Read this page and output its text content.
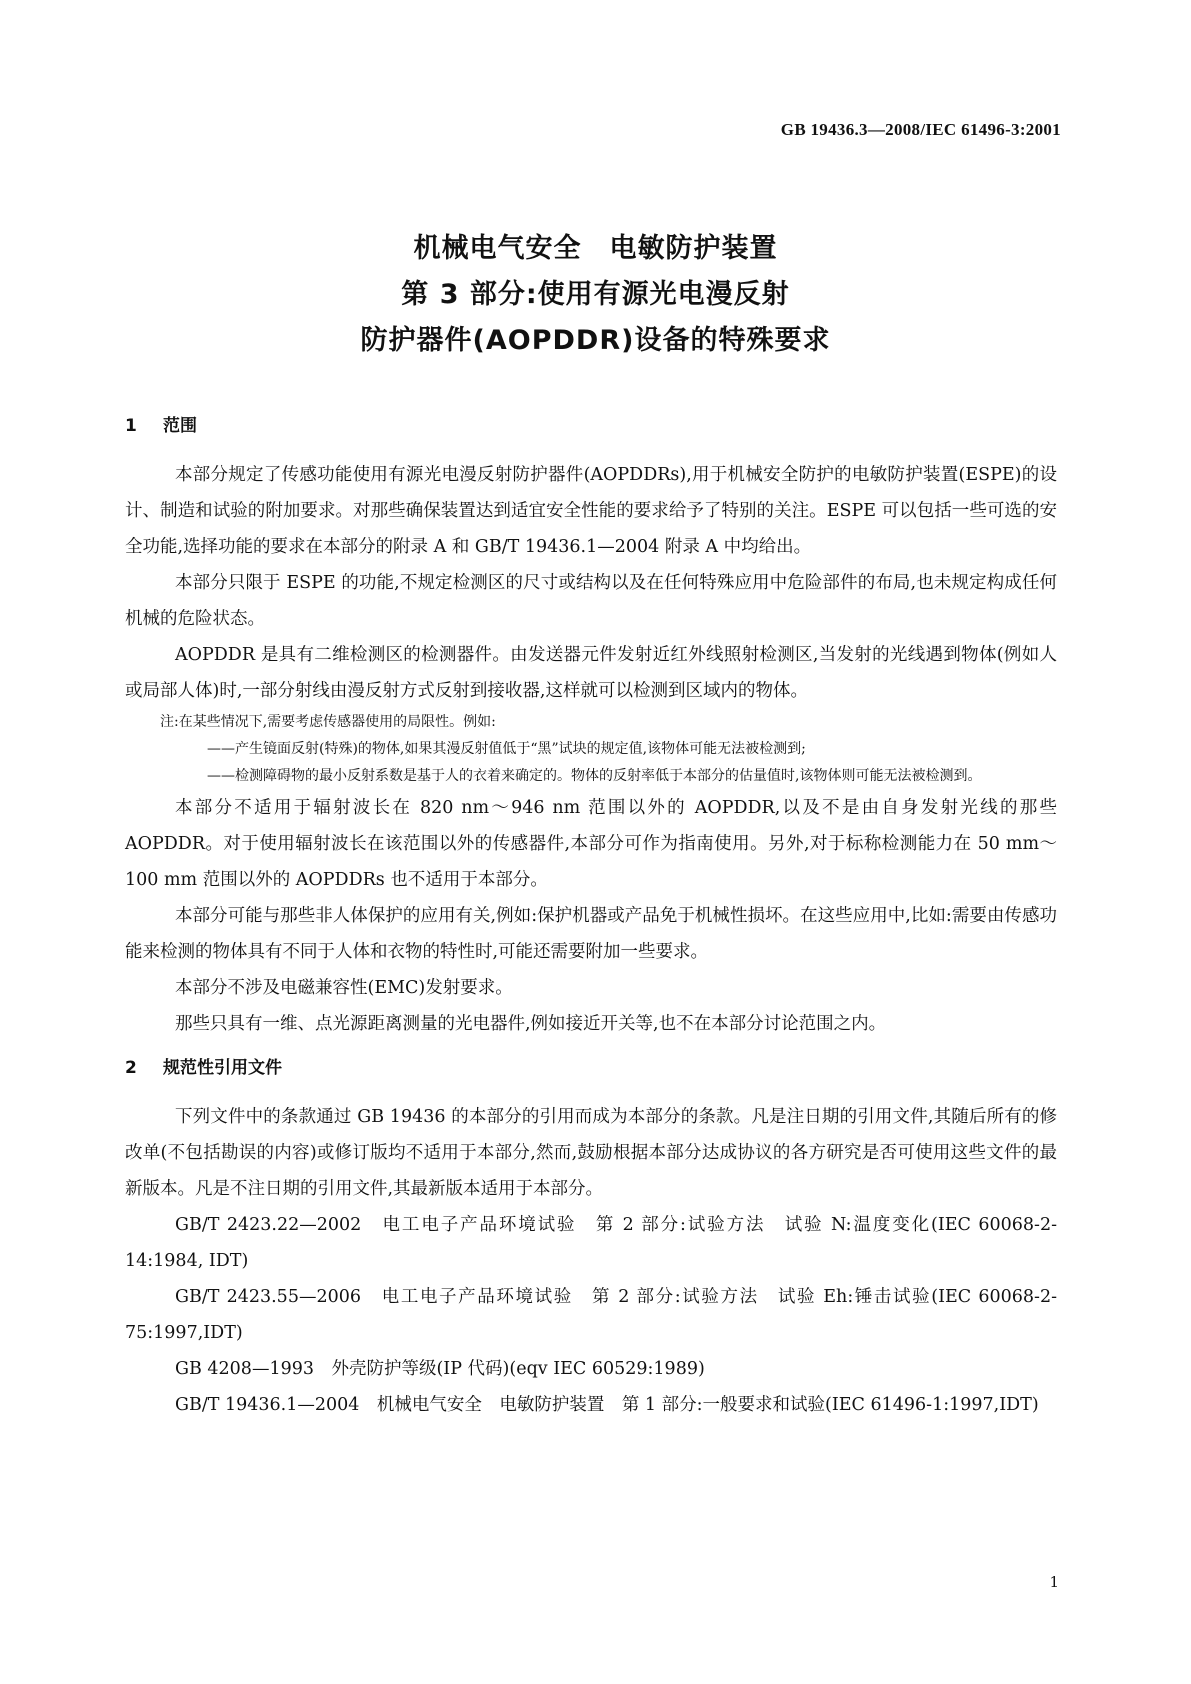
GB 19436.3—2008/IEC 61496-3:2001
机械电气安全　电敏防护装置
第 3 部分:使用有源光电漫反射
防护器件(AOPDDR)设备的特殊要求
1 范围

本部分规定了传感功能使用有源光电漫反射防护器件(AOPDDRs),用于机械安全防护的电敏防护装置(ESPE)的设计、制造和试验的附加要求。对那些确保装置达到适宜安全性能的要求给予了特别的关注。ESPE 可以包括一些可选的安全功能,选择功能的要求在本部分的附录 A 和 GB/T 19436.1—2004 附录 A 中均给出。

本部分只限于 ESPE 的功能,不规定检测区的尺寸或结构以及在任何特殊应用中危险部件的布局,也未规定构成任何机械的危险状态。

AOPDDR 是具有二维检测区的检测器件。由发送器元件发射近红外线照射检测区,当发射的光线遇到物体(例如人或局部人体)时,一部分射线由漫反射方式反射到接收器,这样就可以检测到区域内的物体。

注:在某些情况下,需要考虑传感器使用的局限性。例如:
——产生镜面反射(特殊)的物体,如果其漫反射值低于“黑”试块的规定值,该物体可能无法被检测到;
——检测障碍物的最小反射系数是基于人的衣着来确定的。物体的反射率低于本部分的估量值时,该物体则可能无法被检测到。

本部分不适用于辐射波长在 820 nm～946 nm 范围以外的 AOPDDR,以及不是由自身发射光线的那些 AOPDDR。对于使用辐射波长在该范围以外的传感器件,本部分可作为指南使用。另外,对于标称检测能力在 50 mm～100 mm 范围以外的 AOPDDRs 也不适用于本部分。

本部分可能与那些非人体保护的应用有关,例如:保护机器或产品免于机械性损坏。在这些应用中,比如:需要由传感功能来检测的物体具有不同于人体和衣物的特性时,可能还需要附加一些要求。

本部分不涉及电磁兼容性(EMC)发射要求。

那些只具有一维、点光源距离测量的光电器件,例如接近开关等,也不在本部分讨论范围之内。

2 规范性引用文件

下列文件中的条款通过 GB 19436 的本部分的引用而成为本部分的条款。凡是注日期的引用文件,其随后所有的修改单(不包括勘误的内容)或修订版均不适用于本部分,然而,鼓励根据本部分达成协议的各方研究是否可使用这些文件的最新版本。凡是不注日期的引用文件,其最新版本适用于本部分。

GB/T 2423.22—2002　电工电子产品环境试验　第 2 部分:试验方法　试验 N:温度变化(IEC 60068-2-14:1984, IDT)

GB/T 2423.55—2006　电工电子产品环境试验　第 2 部分:试验方法　试验 Eh:锤击试验(IEC 60068-2-75:1997,IDT)

GB 4208—1993　外壳防护等级(IP 代码)(eqv IEC 60529:1989)

GB/T 19436.1—2004　机械电气安全　电敏防护装置　第 1 部分:一般要求和试验(IEC 61496-1:1997,IDT)

1
